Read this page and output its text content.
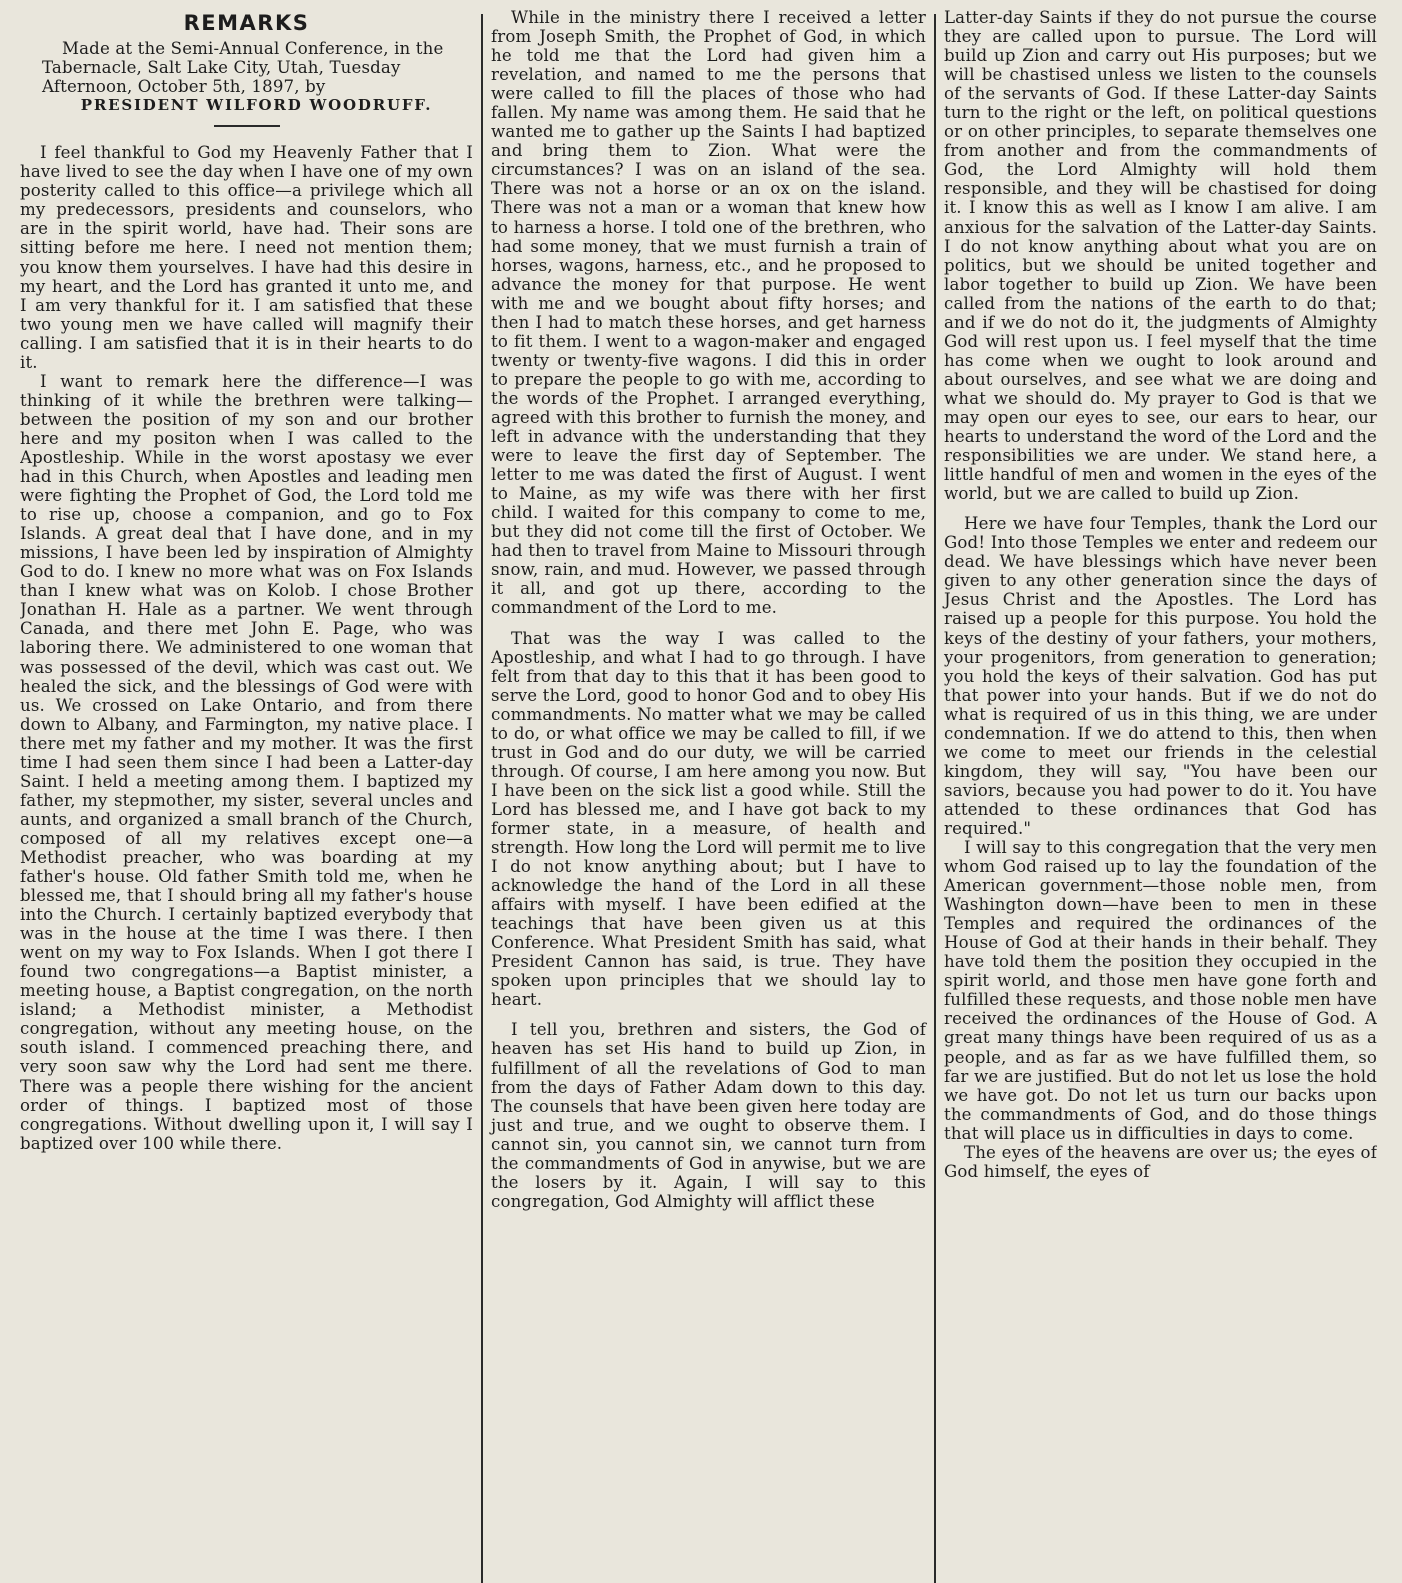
REMARKS

Made at the Semi-Annual Conference, in the Tabernacle, Salt Lake City, Utah, Tuesday Afternoon, October 5th, 1897, by

PRESIDENT WILFORD WOODRUFF.

I feel thankful to God my Heavenly Father that I have lived to see the day when I have one of my own posterity called to this office—a privilege which all my predecessors, presidents and counselors, who are in the spirit world, have had. Their sons are sitting before me here. I need not mention them; you know them yourselves. I have had this desire in my heart, and the Lord has granted it unto me, and I am very thankful for it. I am satisfied that these two young men we have called will magnify their calling. I am satisfied that it is in their hearts to do it.

I want to remark here the difference—I was thinking of it while the brethren were talking—between the position of my son and our brother here and my positon when I was called to the Apostleship. While in the worst apostasy we ever had in this Church, when Apostles and leading men were fighting the Prophet of God, the Lord told me to rise up, choose a companion, and go to Fox Islands. A great deal that I have done, and in my missions, I have been led by inspiration of Almighty God to do. I knew no more what was on Fox Islands than I knew what was on Kolob. I chose Brother Jonathan H. Hale as a partner. We went through Canada, and there met John E. Page, who was laboring there. We administered to one woman that was possessed of the devil, which was cast out. We healed the sick, and the blessings of God were with us. We crossed on Lake Ontario, and from there down to Albany, and Farmington, my native place. I there met my father and my mother. It was the first time I had seen them since I had been a Latter-day Saint. I held a meeting among them. I baptized my father, my stepmother, my sister, several uncles and aunts, and organized a small branch of the Church, composed of all my relatives except one—a Methodist preacher, who was boarding at my father's house. Old father Smith told me, when he blessed me, that I should bring all my father's house into the Church. I certainly baptized everybody that was in the house at the time I was there. I then went on my way to Fox Islands. When I got there I found two congregations—a Baptist minister, a meeting house, a Baptist congregation, on the north island; a Methodist minister, a Methodist congregation, without any meeting house, on the south island. I commenced preaching there, and very soon saw why the Lord had sent me there. There was a people there wishing for the ancient order of things. I baptized most of those congregations. Without dwelling upon it, I will say I baptized over 100 while there.

While in the ministry there I received a letter from Joseph Smith, the Prophet of God, in which he told me that the Lord had given him a revelation, and named to me the persons that were called to fill the places of those who had fallen. My name was among them. He said that he wanted me to gather up the Saints I had baptized and bring them to Zion. What were the circumstances? I was on an island of the sea. There was not a horse or an ox on the island. There was not a man or a woman that knew how to harness a horse. I told one of the brethren, who had some money, that we must furnish a train of horses, wagons, harness, etc., and he proposed to advance the money for that purpose. He went with me and we bought about fifty horses; and then I had to match these horses, and get harness to fit them. I went to a wagon-maker and engaged twenty or twenty-five wagons. I did this in order to prepare the people to go with me, according to the words of the Prophet. I arranged everything, agreed with this brother to furnish the money, and left in advance with the understanding that they were to leave the first day of September. The letter to me was dated the first of August. I went to Maine, as my wife was there with her first child. I waited for this company to come to me, but they did not come till the first of October. We had then to travel from Maine to Missouri through snow, rain, and mud. However, we passed through it all, and got up there, according to the commandment of the Lord to me.

That was the way I was called to the Apostleship, and what I had to go through. I have felt from that day to this that it has been good to serve the Lord, good to honor God and to obey His commandments. No matter what we may be called to do, or what office we may be called to fill, if we trust in God and do our duty, we will be carried through. Of course, I am here among you now. But I have been on the sick list a good while. Still the Lord has blessed me, and I have got back to my former state, in a measure, of health and strength. How long the Lord will permit me to live I do not know anything about; but I have to acknowledge the hand of the Lord in all these affairs with myself. I have been edified at the teachings that have been given us at this Conference. What President Smith has said, what President Cannon has said, is true. They have spoken upon principles that we should lay to heart.

I tell you, brethren and sisters, the God of heaven has set His hand to build up Zion, in fulfillment of all the revelations of God to man from the days of Father Adam down to this day. The counsels that have been given here today are just and true, and we ought to observe them. I cannot sin, you cannot sin, we cannot turn from the commandments of God in anywise, but we are the losers by it. Again, I will say to this congregation, God Almighty will afflict these

Latter-day Saints if they do not pursue the course they are called upon to pursue. The Lord will build up Zion and carry out His purposes; but we will be chastised unless we listen to the counsels of the servants of God. If these Latter-day Saints turn to the right or the left, on political questions or on other principles, to separate themselves one from another and from the commandments of God, the Lord Almighty will hold them responsible, and they will be chastised for doing it. I know this as well as I know I am alive. I am anxious for the salvation of the Latter-day Saints. I do not know anything about what you are on politics, but we should be united together and labor together to build up Zion. We have been called from the nations of the earth to do that; and if we do not do it, the judgments of Almighty God will rest upon us. I feel myself that the time has come when we ought to look around and about ourselves, and see what we are doing and what we should do. My prayer to God is that we may open our eyes to see, our ears to hear, our hearts to understand the word of the Lord and the responsibilities we are under. We stand here, a little handful of men and women in the eyes of the world, but we are called to build up Zion.

Here we have four Temples, thank the Lord our God! Into those Temples we enter and redeem our dead. We have blessings which have never been given to any other generation since the days of Jesus Christ and the Apostles. The Lord has raised up a people for this purpose. You hold the keys of the destiny of your fathers, your mothers, your progenitors, from generation to generation; you hold the keys of their salvation. God has put that power into your hands. But if we do not do what is required of us in this thing, we are under condemnation. If we do attend to this, then when we come to meet our friends in the celestial kingdom, they will say, "You have been our saviors, because you had power to do it. You have attended to these ordinances that God has required."

I will say to this congregation that the very men whom God raised up to lay the foundation of the American government—those noble men, from Washington down—have been to men in these Temples and required the ordinances of the House of God at their hands in their behalf. They have told them the position they occupied in the spirit world, and those men have gone forth and fulfilled these requests, and those noble men have received the ordinances of the House of God. A great many things have been required of us as a people, and as far as we have fulfilled them, so far we are justified. But do not let us lose the hold we have got. Do not let us turn our backs upon the commandments of God, and do those things that will place us in difficulties in days to come.

The eyes of the heavens are over us; the eyes of God himself, the eyes of
